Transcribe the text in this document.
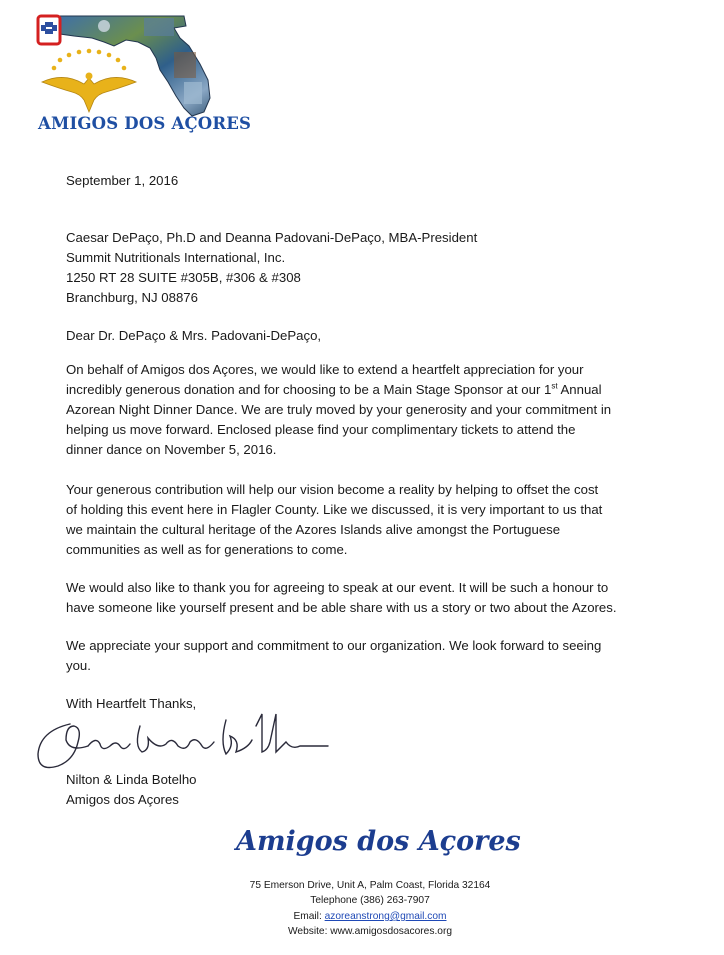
AMIGOS DOS AÇORES
September 1, 2016
Caesar DePaço, Ph.D and Deanna Padovani-DePaço, MBA-President
Summit Nutritionals International, Inc.
1250 RT 28 SUITE #305B, #306 & #308
Branchburg, NJ 08876
Dear Dr. DePaço & Mrs. Padovani-DePaço,
On behalf of Amigos dos Açores, we would like to extend a heartfelt appreciation for your
incredibly generous donation and for choosing to be a Main Stage Sponsor at our 1st Annual
Azorean Night Dinner Dance. We are truly moved by your generosity and your commitment in
helping us move forward. Enclosed please find your complimentary tickets to attend the
dinner dance on November 5, 2016.
Your generous contribution will help our vision become a reality by helping to offset the cost
of holding this event here in Flagler County. Like we discussed, it is very important to us that
we maintain the cultural heritage of the Azores Islands alive amongst the Portuguese
communities as well as for generations to come.
We would also like to thank you for agreeing to speak at our event. It will be such a honour to
have someone like yourself present and be able share with us a story or two about the Azores.
We appreciate your support and commitment to our organization. We look forward to seeing
you.
With Heartfelt Thanks,
Nilton & Linda Botelho
Amigos dos Açores
Amigos dos Açores
75 Emerson Drive, Unit A, Palm Coast, Florida 32164
Telephone (386) 263-7907
Email: azoreanstrong@gmail.com
Website: www.amigosdosacores.org
